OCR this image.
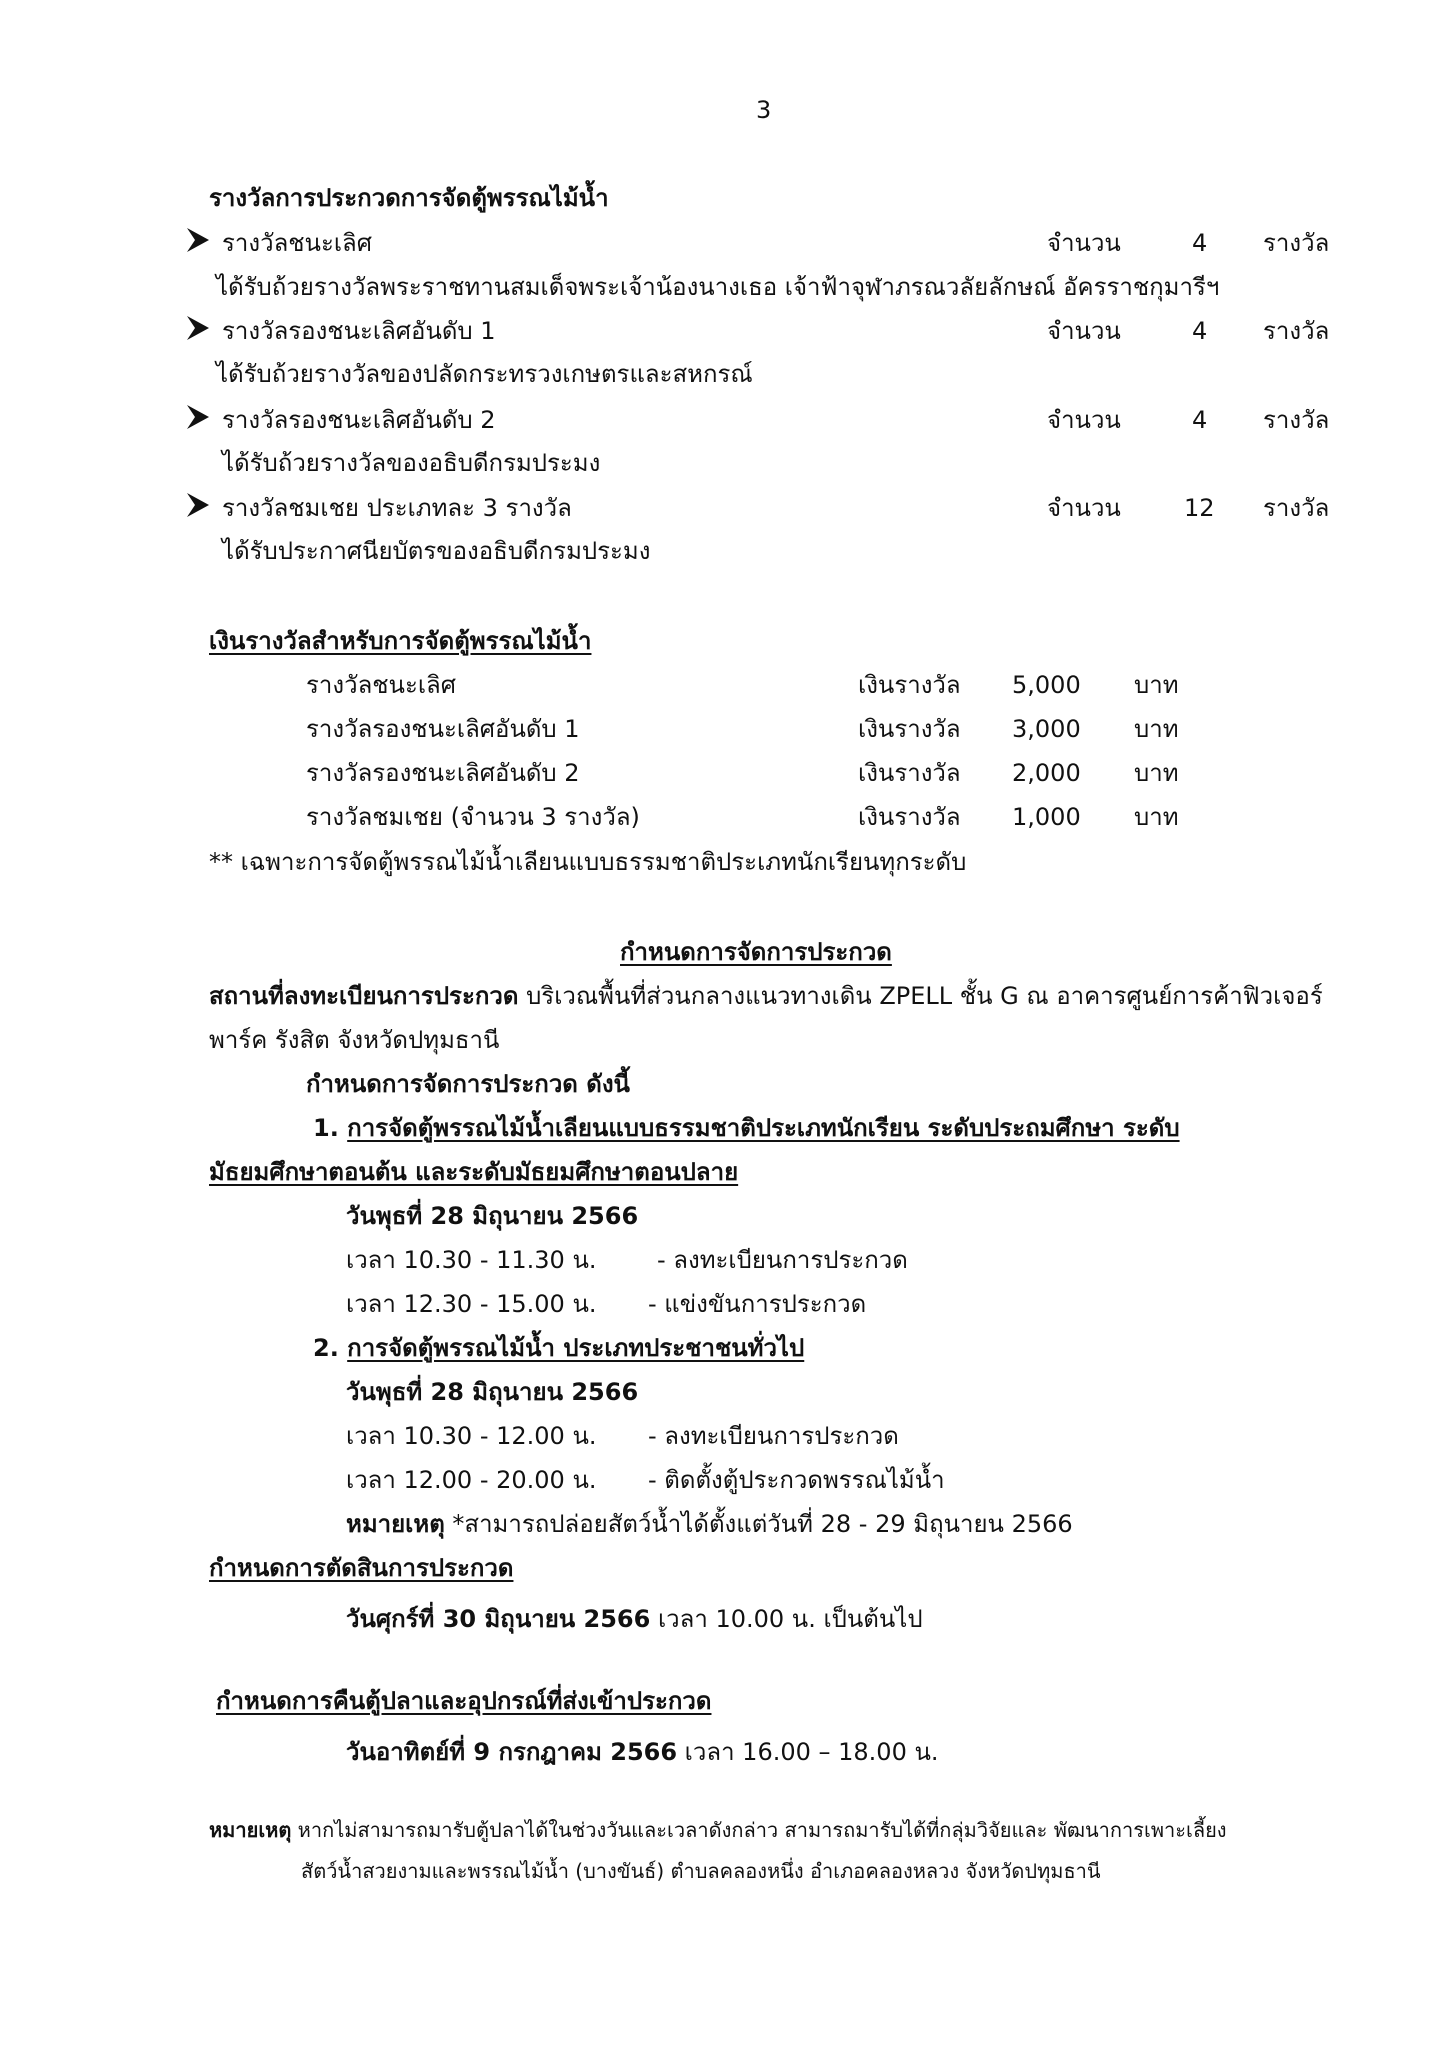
3
รางวัลการประกวดการจัดตู้พรรณไม้น้ำ
รางวัลชนะเลิศ	จำนวน	4 รางวัล
ได้รับถ้วยรางวัลพระราชทานสมเด็จพระเจ้าน้องนางเธอ เจ้าฟ้าจุฬาภรณวลัยลักษณ์ อัครราชกุมารีฯ
รางวัลรองชนะเลิศอันดับ 1	จำนวน	4 รางวัล
ได้รับถ้วยรางวัลของปลัดกระทรวงเกษตรและสหกรณ์
รางวัลรองชนะเลิศอันดับ 2	จำนวน	4 รางวัล
ได้รับถ้วยรางวัลของอธิบดีกรมประมง
รางวัลชมเชย ประเภทละ 3 รางวัล	จำนวน	12 รางวัล
ได้รับประกาศนียบัตรของอธิบดีกรมประมง
เงินรางวัลสำหรับการจัดตู้พรรณไม้น้ำ
รางวัลชนะเลิศ	เงินรางวัล 5,000 บาท
รางวัลรองชนะเลิศอันดับ 1	เงินรางวัล 3,000 บาท
รางวัลรองชนะเลิศอันดับ 2	เงินรางวัล 2,000 บาท
รางวัลชมเชย (จำนวน 3 รางวัล)	เงินรางวัล 1,000 บาท
** เฉพาะการจัดตู้พรรณไม้น้ำเลียนแบบธรรมชาติประเภทนักเรียนทุกระดับ
กำหนดการจัดการประกวด
สถานที่ลงทะเบียนการประกวด บริเวณพื้นที่ส่วนกลางแนวทางเดิน ZPELL ชั้น G ณ อาคารศูนย์การค้าฟิวเจอร์
พาร์ค รังสิต จังหวัดปทุมธานี
กำหนดการจัดการประกวด ดังนี้
1. การจัดตู้พรรณไม้น้ำเลียนแบบธรรมชาติประเภทนักเรียน ระดับประถมศึกษา ระดับ
มัธยมศึกษาตอนต้น และระดับมัธยมศึกษาตอนปลาย
วันพุธที่ 28 มิถุนายน 2566
เวลา 10.30 - 11.30 น.	- ลงทะเบียนการประกวด
เวลา 12.30 - 15.00 น. - แข่งขันการประกวด
2. การจัดตู้พรรณไม้น้ำ ประเภทประชาชนทั่วไป
วันพุธที่ 28 มิถุนายน 2566
เวลา 10.30 - 12.00 น. - ลงทะเบียนการประกวด
เวลา 12.00 - 20.00 น. - ติดตั้งตู้ประกวดพรรณไม้น้ำ
หมายเหตุ *สามารถปล่อยสัตว์น้ำได้ตั้งแต่วันที่ 28 - 29 มิถุนายน 2566
กำหนดการตัดสินการประกวด
วันศุกร์ที่ 30 มิถุนายน 2566 เวลา 10.00 น. เป็นต้นไป
กำหนดการคืนตู้ปลาและอุปกรณ์ที่ส่งเข้าประกวด
วันอาทิตย์ที่ 9 กรกฎาคม 2566 เวลา 16.00 – 18.00 น.
หมายเหตุ หากไม่สามารถมารับตู้ปลาได้ในช่วงวันและเวลาดังกล่าว สามารถมารับได้ที่กลุ่มวิจัยและ พัฒนาการเพาะเลี้ยง
สัตว์น้ำสวยงามและพรรณไม้น้ำ (บางขันธ์) ตำบลคลองหนึ่ง อำเภอคลองหลวง จังหวัดปทุมธานี
